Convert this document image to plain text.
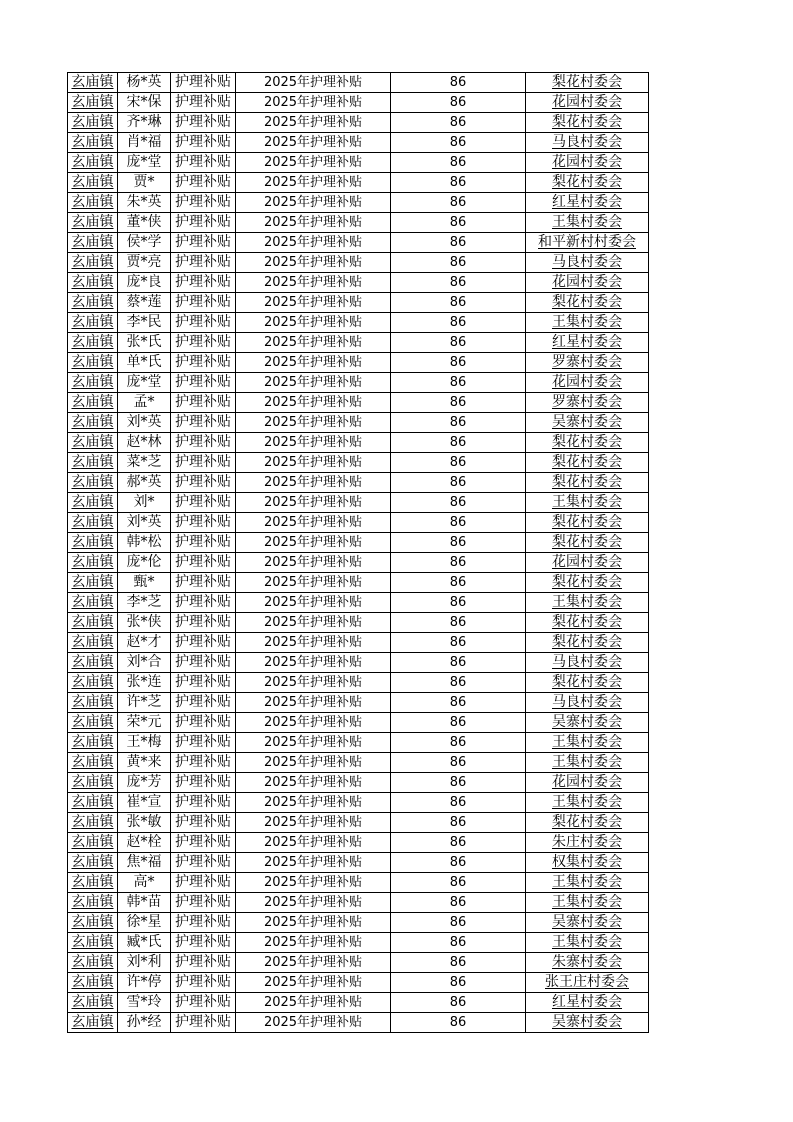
玄庙镇	杨*英	护理补贴	2025年护理补贴	86	梨花村委会
玄庙镇	宋*保	护理补贴	2025年护理补贴	86	花园村委会
玄庙镇	齐*琳	护理补贴	2025年护理补贴	86	梨花村委会
玄庙镇	肖*福	护理补贴	2025年护理补贴	86	马良村委会
玄庙镇	庞*堂	护理补贴	2025年护理补贴	86	花园村委会
玄庙镇	贾*	护理补贴	2025年护理补贴	86	梨花村委会
玄庙镇	朱*英	护理补贴	2025年护理补贴	86	红星村委会
玄庙镇	董*侠	护理补贴	2025年护理补贴	86	王集村委会
玄庙镇	侯*学	护理补贴	2025年护理补贴	86	和平新村村委会
玄庙镇	贾*亮	护理补贴	2025年护理补贴	86	马良村委会
玄庙镇	庞*良	护理补贴	2025年护理补贴	86	花园村委会
玄庙镇	蔡*莲	护理补贴	2025年护理补贴	86	梨花村委会
玄庙镇	李*民	护理补贴	2025年护理补贴	86	王集村委会
玄庙镇	张*氏	护理补贴	2025年护理补贴	86	红星村委会
玄庙镇	单*氏	护理补贴	2025年护理补贴	86	罗寨村委会
玄庙镇	庞*堂	护理补贴	2025年护理补贴	86	花园村委会
玄庙镇	孟*	护理补贴	2025年护理补贴	86	罗寨村委会
玄庙镇	刘*英	护理补贴	2025年护理补贴	86	吴寨村委会
玄庙镇	赵*林	护理补贴	2025年护理补贴	86	梨花村委会
玄庙镇	菜*芝	护理补贴	2025年护理补贴	86	梨花村委会
玄庙镇	郝*英	护理补贴	2025年护理补贴	86	梨花村委会
玄庙镇	刘*	护理补贴	2025年护理补贴	86	王集村委会
玄庙镇	刘*英	护理补贴	2025年护理补贴	86	梨花村委会
玄庙镇	韩*松	护理补贴	2025年护理补贴	86	梨花村委会
玄庙镇	庞*伦	护理补贴	2025年护理补贴	86	花园村委会
玄庙镇	甄*	护理补贴	2025年护理补贴	86	梨花村委会
玄庙镇	李*芝	护理补贴	2025年护理补贴	86	王集村委会
玄庙镇	张*侠	护理补贴	2025年护理补贴	86	梨花村委会
玄庙镇	赵*才	护理补贴	2025年护理补贴	86	梨花村委会
玄庙镇	刘*合	护理补贴	2025年护理补贴	86	马良村委会
玄庙镇	张*连	护理补贴	2025年护理补贴	86	梨花村委会
玄庙镇	许*芝	护理补贴	2025年护理补贴	86	马良村委会
玄庙镇	荣*元	护理补贴	2025年护理补贴	86	吴寨村委会
玄庙镇	王*梅	护理补贴	2025年护理补贴	86	王集村委会
玄庙镇	黄*来	护理补贴	2025年护理补贴	86	王集村委会
玄庙镇	庞*芳	护理补贴	2025年护理补贴	86	花园村委会
玄庙镇	崔*宣	护理补贴	2025年护理补贴	86	王集村委会
玄庙镇	张*敏	护理补贴	2025年护理补贴	86	梨花村委会
玄庙镇	赵*栓	护理补贴	2025年护理补贴	86	朱庄村委会
玄庙镇	焦*福	护理补贴	2025年护理补贴	86	权集村委会
玄庙镇	高*	护理补贴	2025年护理补贴	86	王集村委会
玄庙镇	韩*苗	护理补贴	2025年护理补贴	86	王集村委会
玄庙镇	徐*星	护理补贴	2025年护理补贴	86	吴寨村委会
玄庙镇	臧*氏	护理补贴	2025年护理补贴	86	王集村委会
玄庙镇	刘*利	护理补贴	2025年护理补贴	86	朱寨村委会
玄庙镇	许*停	护理补贴	2025年护理补贴	86	张王庄村委会
玄庙镇	雪*玲	护理补贴	2025年护理补贴	86	红星村委会
玄庙镇	孙*经	护理补贴	2025年护理补贴	86	吴寨村委会
